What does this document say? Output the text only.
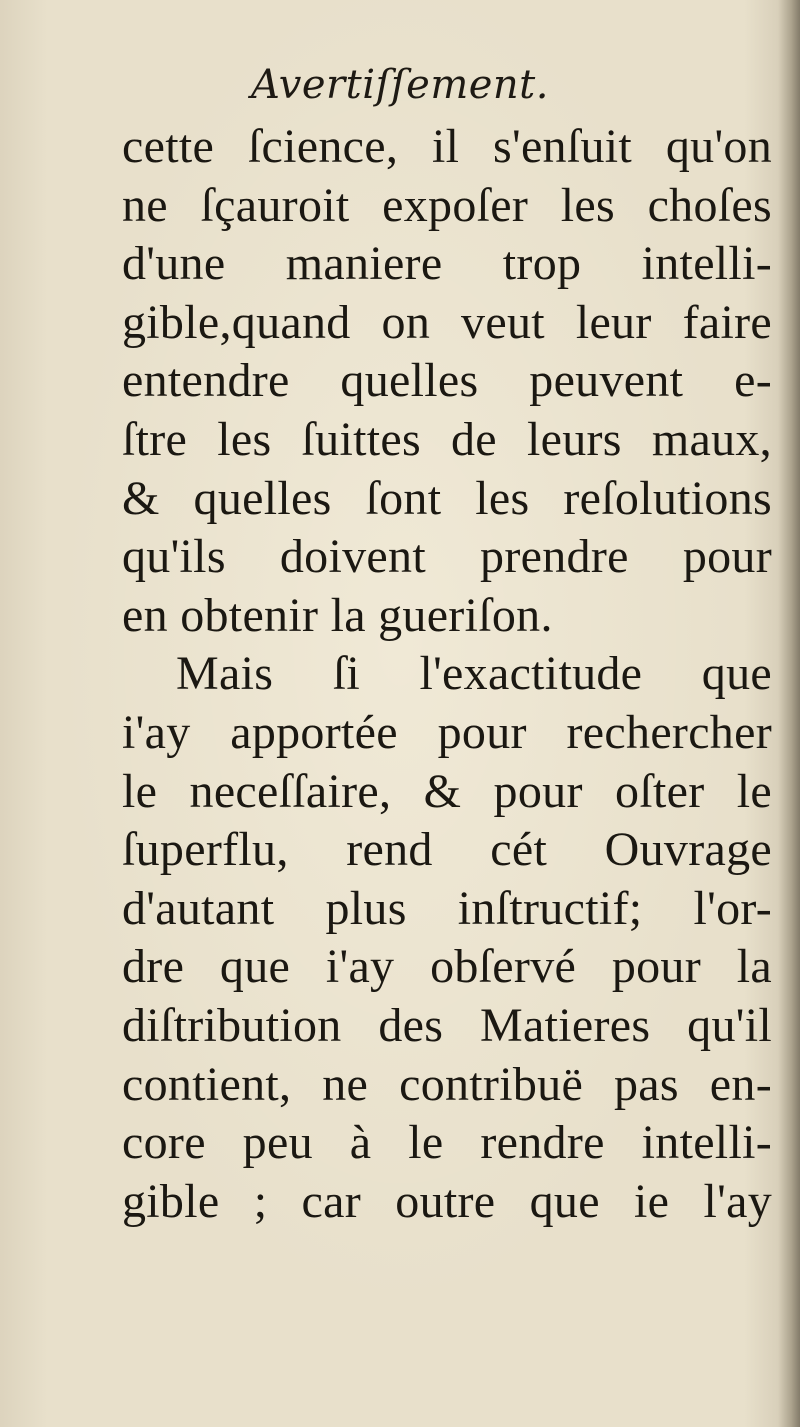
Avertiſſement.
cette ſcience, il s'enſuit qu'on
ne ſçauroit expoſer les choſes
d'une maniere trop intelli-
gible,quand on veut leur faire
entendre quelles peuvent e-
ſtre les ſuittes de leurs maux,
& quelles ſont les reſolutions
qu'ils doivent prendre pour
en obtenir la gueriſon.
Mais ſi l'exactitude que
i'ay apportée pour rechercher
le neceſſaire, & pour oſter le
ſuperflu, rend cét Ouvrage
d'autant plus inſtructif; l'or-
dre que i'ay obſervé pour la
diſtribution des Matieres qu'il
contient, ne contribuë pas en-
core peu à le rendre intelli-
gible ; car outre que ie l'ay
